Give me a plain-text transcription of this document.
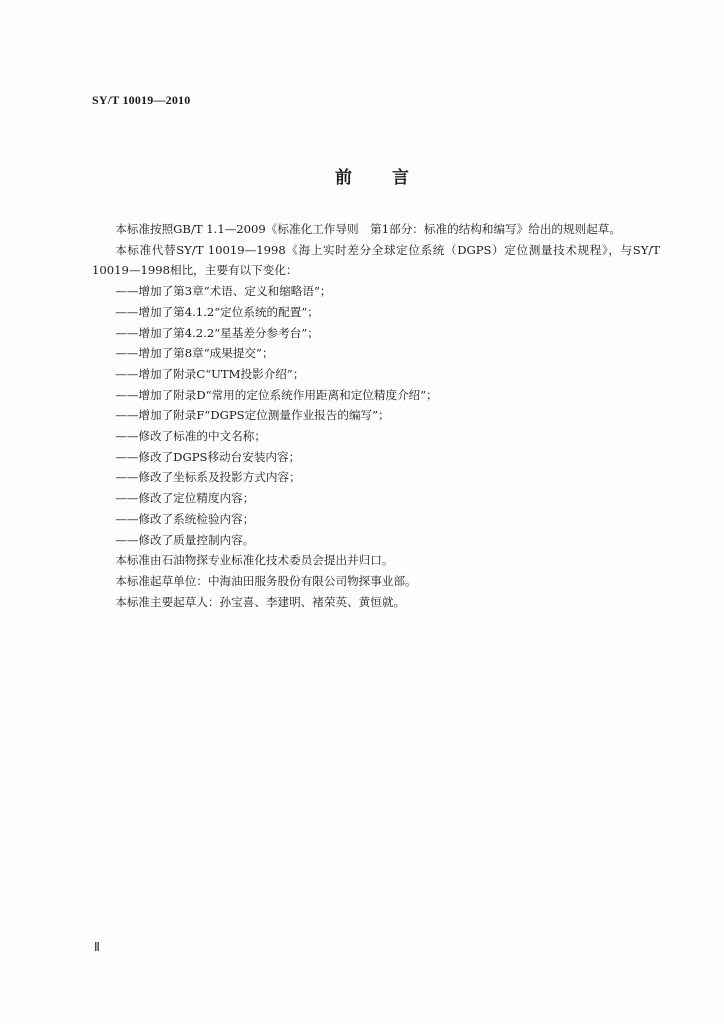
SY/T 10019—2010
前言

本标准按照GB/T 1.1—2009《标准化工作导则　第1部分：标准的结构和编写》给出的规则起草。

本标准代替SY/T 10019—1998《海上实时差分全球定位系统（DGPS）定位测量技术规程》，与SY/T 10019—1998相比，主要有以下变化：

——增加了第3章“术语、定义和缩略语”；

——增加了第4.1.2“定位系统的配置”；

——增加了第4.2.2“星基差分参考台”；

——增加了第8章“成果提交”；

——增加了附录C“UTM投影介绍”；

——增加了附录D“常用的定位系统作用距离和定位精度介绍”；

——增加了附录F“DGPS定位测量作业报告的编写”；

——修改了标准的中文名称；

——修改了DGPS移动台安装内容；

——修改了坐标系及投影方式内容；

——修改了定位精度内容；

——修改了系统检验内容；

——修改了质量控制内容。

本标准由石油物探专业标准化技术委员会提出并归口。

本标准起草单位：中海油田服务股份有限公司物探事业部。

本标准主要起草人：孙宝喜、李建明、褚荣英、黄恒就。

Ⅱ
